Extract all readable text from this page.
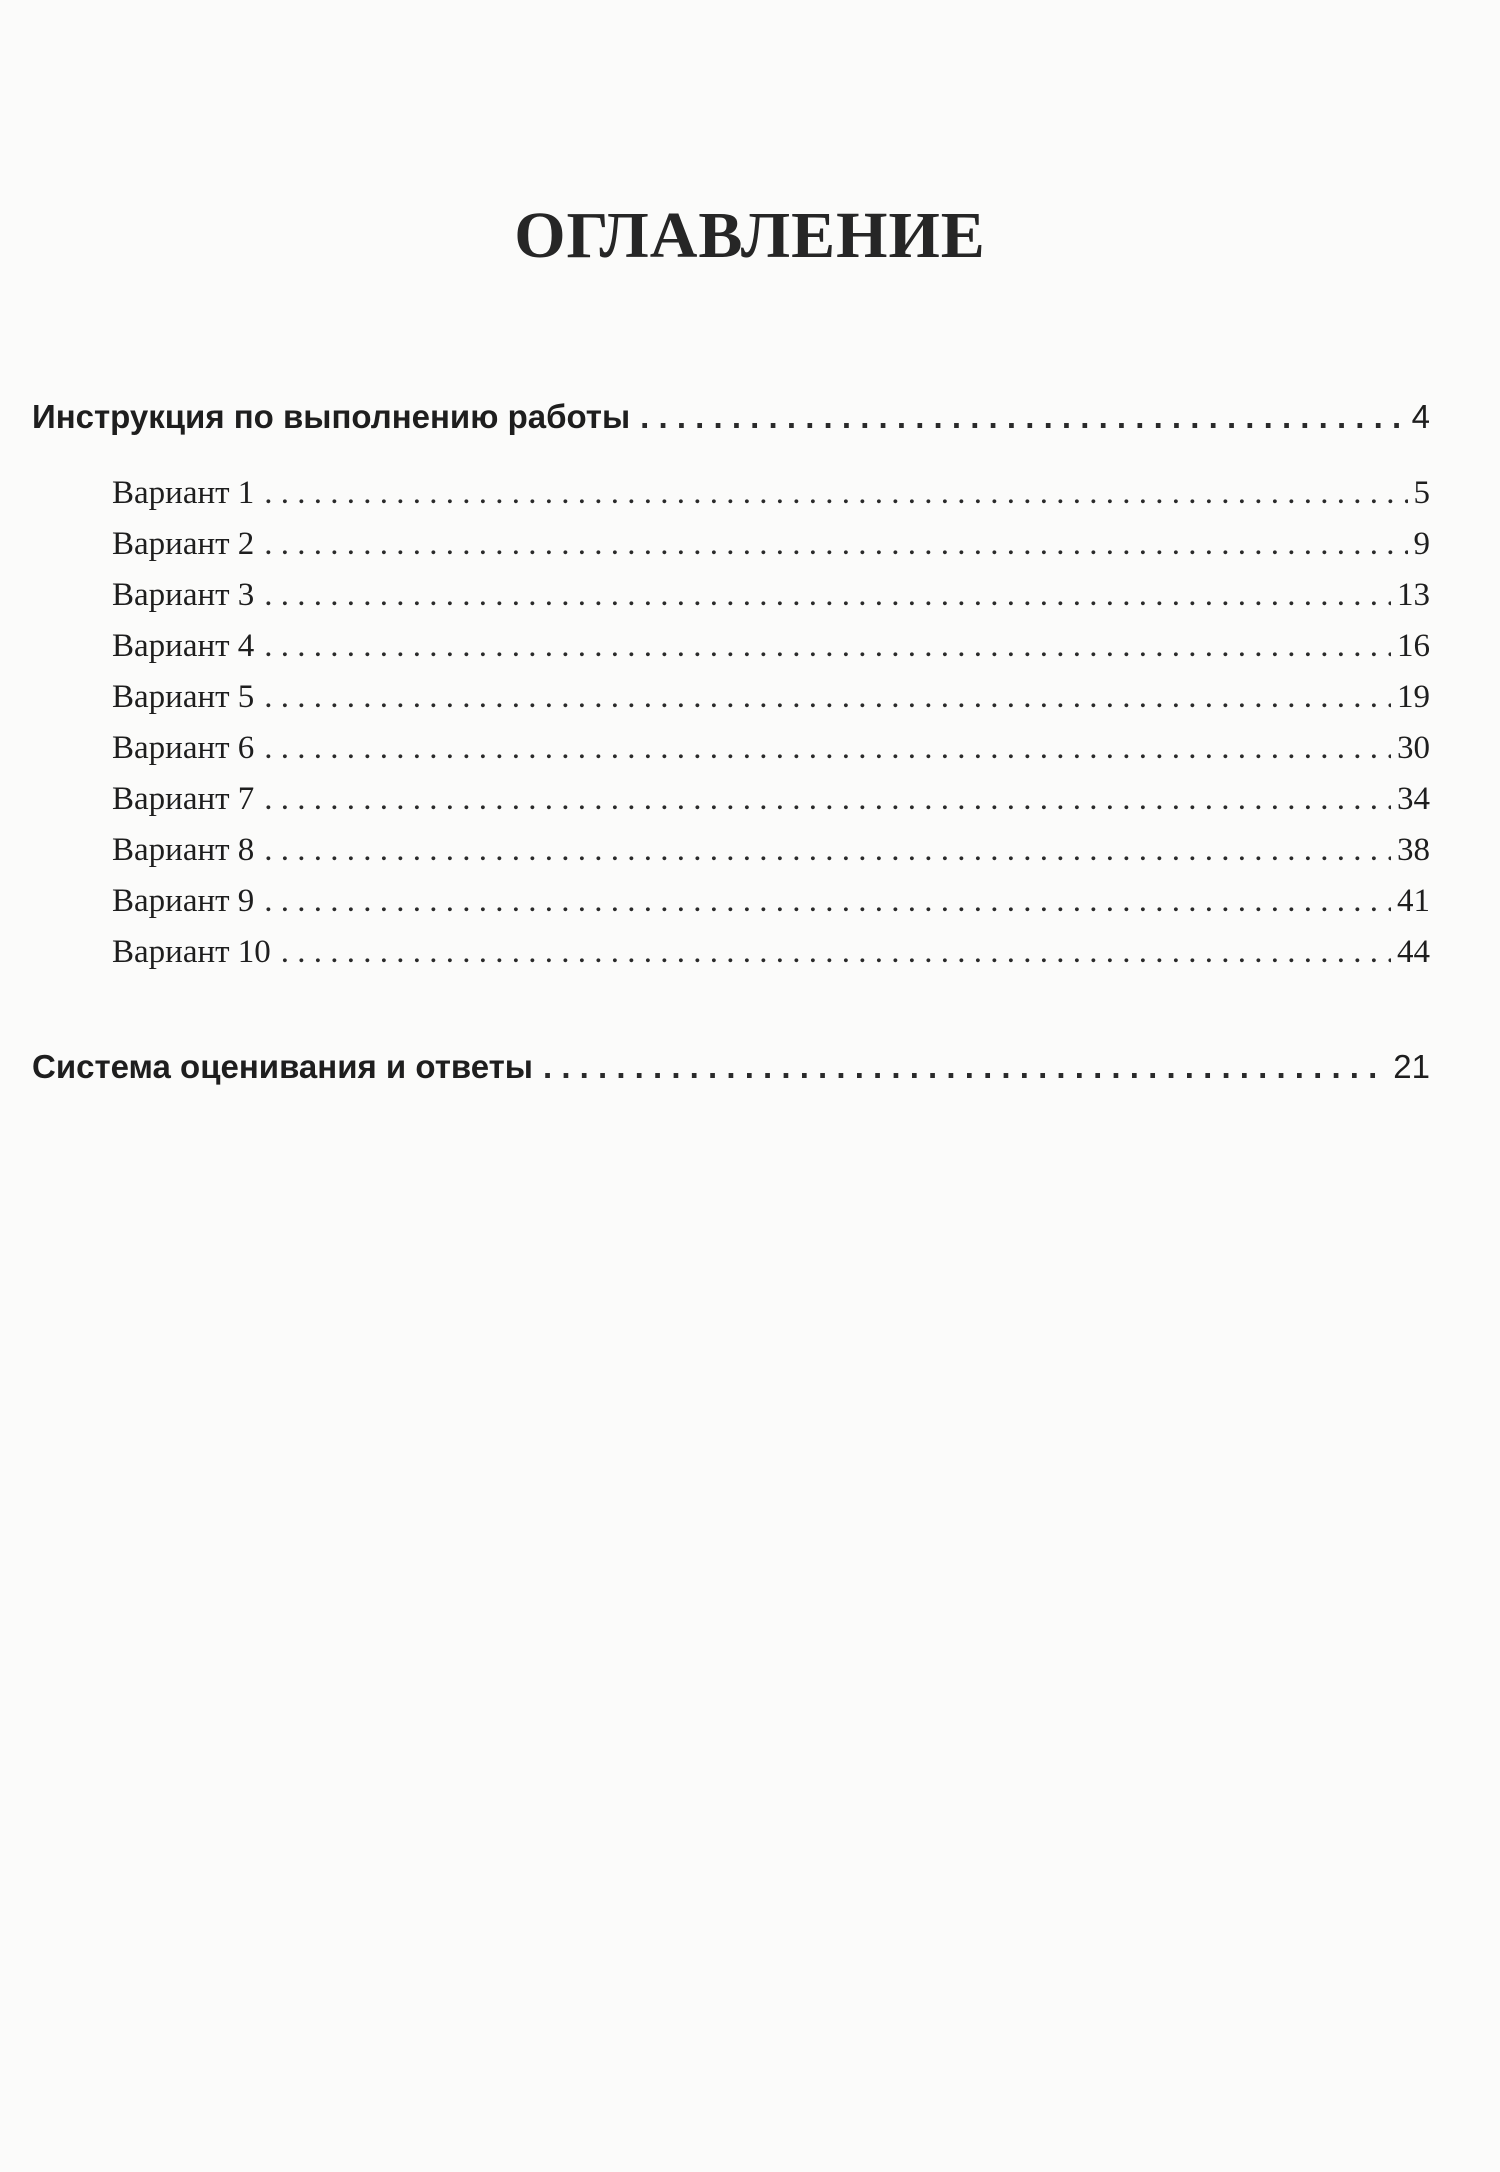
ОГЛАВЛЕНИЕ
Инструкция по выполнению работы . . .	4
Вариант 1 . . .	5
Вариант 2 . . .	9
Вариант 3 . . .	13
Вариант 4 . . .	16
Вариант 5 . . .	19
Вариант 6 . . .	30
Вариант 7 . . .	34
Вариант 8 . . .	38
Вариант 9 . . .	41
Вариант 10 . . .	44
Система оценивания и ответы . . .	21
